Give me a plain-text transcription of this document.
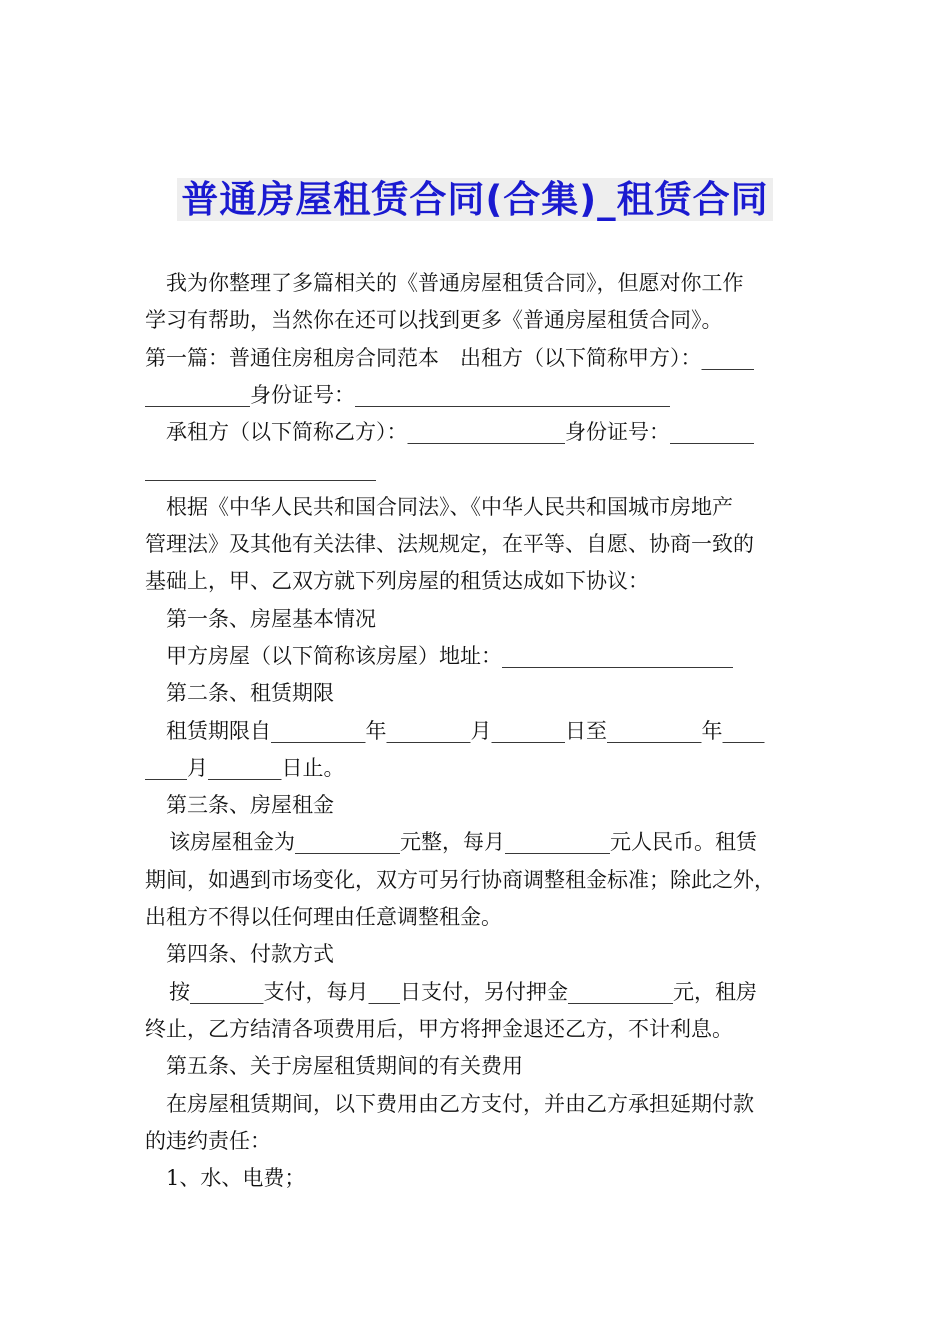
普通房屋租赁合同(合集)_租赁合同

我为你整理了多篇相关的《普通房屋租赁合同》，但愿对你工作

学习有帮助，当然你在还可以找到更多《普通房屋租赁合同》。

第一篇：普通住房租房合同范本　出租方（以下简称甲方）：_____

__________身份证号：______________________________

承租方（以下简称乙方）：_______________身份证号：________

______________________

根据《中华人民共和国合同法》、《中华人民共和国城市房地产

管理法》及其他有关法律、法规规定，在平等、自愿、协商一致的

基础上，甲、乙双方就下列房屋的租赁达成如下协议：

第一条、房屋基本情况

甲方房屋（以下简称该房屋）地址：______________________

第二条、租赁期限

租赁期限自_________年________月_______日至_________年____

____月_______日止。

第三条、房屋租金

该房屋租金为__________元整，每月__________元人民币。租赁

期间，如遇到市场变化，双方可另行协商调整租金标准；除此之外，

出租方不得以任何理由任意调整租金。

第四条、付款方式

按_______支付，每月___日支付，另付押金__________元，租房

终止，乙方结清各项费用后，甲方将押金退还乙方，不计利息。

第五条、关于房屋租赁期间的有关费用

在房屋租赁期间，以下费用由乙方支付，并由乙方承担延期付款

的违约责任：

1、水、电费；
